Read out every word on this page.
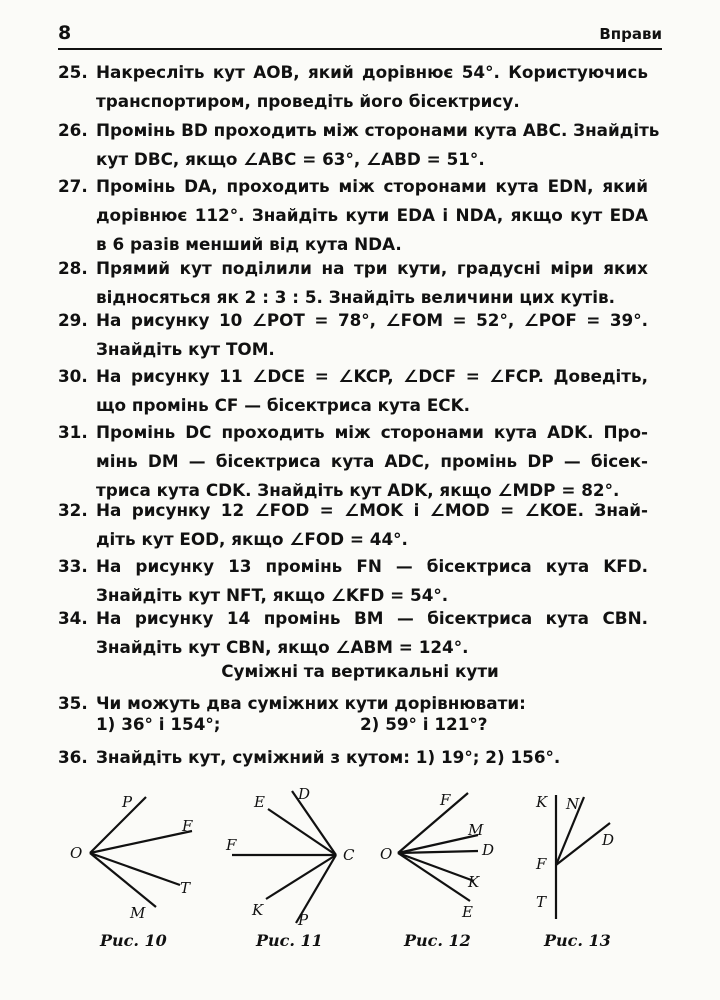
8	Вправи
25. Накресліть кут AOB, який дорівнює 54°. Користуючись
транспортиром, проведіть його бісектрису.
26. Промінь BD проходить між сторонами кута ABC. Знайдіть
кут DBC, якщо ∠ABC = 63°, ∠ABD = 51°.
27. Промінь DA, проходить між сторонами кута EDN, який
дорівнює 112°. Знайдіть кути EDA і NDA, якщо кут EDA
в 6 разів менший від кута NDA.
28. Прямий кут поділили на три кути, градусні міри яких
відносяться як 2 : 3 : 5. Знайдіть величини цих кутів.
29. На рисунку 10 ∠POT = 78°, ∠FOM = 52°, ∠POF = 39°.
Знайдіть кут TOM.
30. На рисунку 11 ∠DCE = ∠KCP, ∠DCF = ∠FCP. Доведіть,
що промінь CF — бісектриса кута ECK.
31. Промінь DC проходить між сторонами кута ADK. Про-
мінь DM — бісектриса кута ADC, промінь DP — бісек-
триса кута CDK. Знайдіть кут ADK, якщо ∠MDP = 82°.
32. На рисунку 12 ∠FOD = ∠MOK і ∠MOD = ∠KOE. Знай-
діть кут EOD, якщо ∠FOD = 44°.
33. На рисунку 13 промінь FN — бісектриса кута KFD.
Знайдіть кут NFT, якщо ∠KFD = 54°.
34. На рисунку 14 промінь BM — бісектриса кута CBN.
Знайдіть кут CBN, якщо ∠ABM = 124°.
Суміжні та вертикальні кути
35. Чи можуть два суміжних кути дорівнювати:
1) 36° і 154°;	2) 59° і 121°?
36. Знайдіть кут, суміжний з кутом: 1) 19°; 2) 156°.
O
P
F
T
M
C
D
E
F
K
P
O
F
M
D
K
E
F
K N
D
T
Рис. 10	Рис. 11	Рис. 12	Рис. 13
